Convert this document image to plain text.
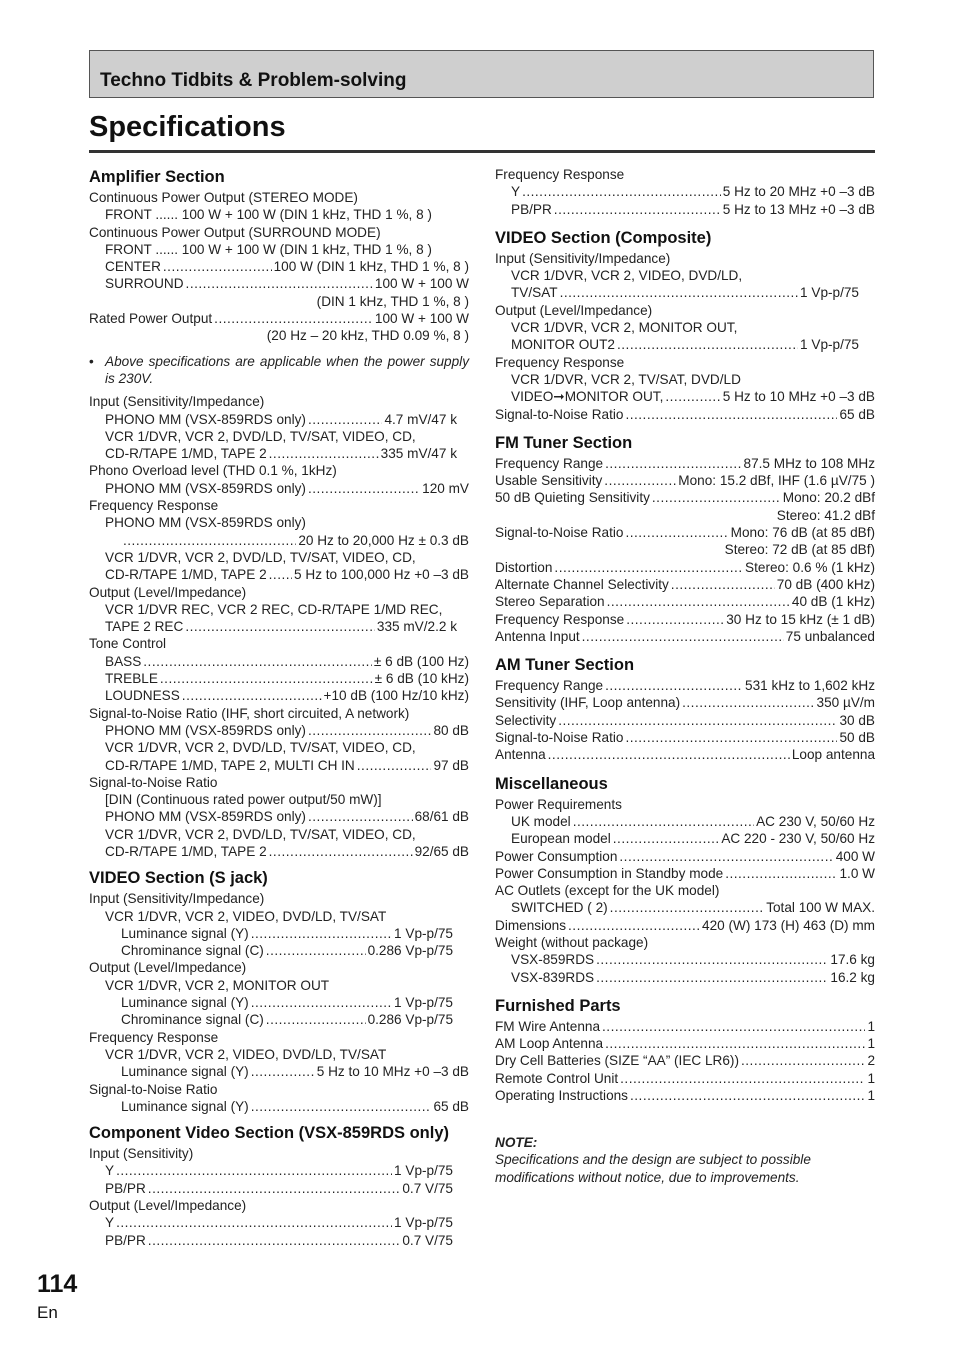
Techno Tidbits & Problem-solving
Specifications
Amplifier Section
Continuous Power Output (STEREO MODE)
FRONT ...... 100 W + 100 W (DIN 1 kHz, THD 1 %, 8 )
Continuous Power Output (SURROUND MODE)
FRONT ...... 100 W + 100 W (DIN 1 kHz, THD 1 %, 8 )
CENTER .....	100 W (DIN 1 kHz, THD 1 %, 8 )
SURROUND .....	100 W + 100 W
(DIN 1 kHz, THD 1 %, 8 )
Rated Power Output .....	100 W + 100 W
(20 Hz – 20 kHz, THD 0.09 %, 8 )
• Above specifications are applicable when the power supply is 230V.
Input (Sensitivity/Impedance)
PHONO MM (VSX-859RDS only) .....	4.7 mV/47 k
VCR 1/DVR, VCR 2, DVD/LD, TV/SAT, VIDEO, CD,
CD-R/TAPE 1/MD, TAPE 2 .....	335 mV/47 k
Phono Overload level (THD 0.1 %, 1kHz)
PHONO MM (VSX-859RDS only) .....	120 mV
Frequency Response
PHONO MM (VSX-859RDS only)
.....
20 Hz to 20,000 Hz ± 0.3 dB
VCR 1/DVR, VCR 2, DVD/LD, TV/SAT, VIDEO, CD,
CD-R/TAPE 1/MD, TAPE 2 ..... 5 Hz to 100,000 Hz +0 –3 dB
Output (Level/Impedance)
VCR 1/DVR REC, VCR 2 REC, CD-R/TAPE 1/MD REC,
TAPE 2 REC .....	335 mV/2.2 k
Tone Control
BASS .....	± 6 dB (100 Hz)
TREBLE .....	± 6 dB (10 kHz)
LOUDNESS .....	+10 dB (100 Hz/10 kHz)
Signal-to-Noise Ratio (IHF, short circuited, A network)
PHONO MM (VSX-859RDS only) .....	80 dB
VCR 1/DVR, VCR 2, DVD/LD, TV/SAT, VIDEO, CD,
CD-R/TAPE 1/MD, TAPE 2, MULTI CH IN .....	97 dB
Signal-to-Noise Ratio
[DIN (Continuous rated power output/50 mW)]
PHONO MM (VSX-859RDS only) .....	68/61 dB
VCR 1/DVR, VCR 2, DVD/LD, TV/SAT, VIDEO, CD,
CD-R/TAPE 1/MD, TAPE 2 .....	92/65 dB
VIDEO Section (S jack)
Input (Sensitivity/Impedance)
VCR 1/DVR, VCR 2, VIDEO, DVD/LD, TV/SAT
Luminance signal (Y) .....	1 Vp-p/75
Chrominance signal (C) .....	0.286 Vp-p/75
Output (Level/Impedance)
VCR 1/DVR, VCR 2, MONITOR OUT
Luminance signal (Y) .....	1 Vp-p/75
Chrominance signal (C) .....	0.286 Vp-p/75
Frequency Response
VCR 1/DVR, VCR 2, VIDEO, DVD/LD, TV/SAT
Luminance signal (Y) .....	5 Hz to 10 MHz +0 –3 dB
Signal-to-Noise Ratio
Luminance signal (Y) .....	65 dB
Component Video Section (VSX-859RDS only)
Input (Sensitivity)
Y .....	1 Vp-p/75
PB/PR .....	0.7 V/75
Output (Level/Impedance)
Y .....	1 Vp-p/75
PB/PR .....	0.7 V/75
Frequency Response
Y .....	5 Hz to 20 MHz +0 –3 dB
PB/PR .....	5 Hz to 13 MHz +0 –3 dB
VIDEO Section (Composite)
Input (Sensitivity/Impedance)
VCR 1/DVR, VCR 2, VIDEO, DVD/LD,
TV/SAT .....	1 Vp-p/75
Output (Level/Impedance)
VCR 1/DVR, VCR 2, MONITOR OUT,
MONITOR OUT2 .....	1 Vp-p/75
Frequency Response
VCR 1/DVR, VCR 2, TV/SAT, DVD/LD
VIDEO➞MONITOR OUT, .....	5 Hz to 10 MHz +0 –3 dB
Signal-to-Noise Ratio .....	65 dB
FM Tuner Section
Frequency Range .....	87.5 MHz to 108 MHz
Usable Sensitivity .....	Mono: 15.2 dBf, IHF (1.6 µV/75 )
50 dB Quieting Sensitivity .....	Mono: 20.2 dBf
Stereo: 41.2 dBf
Signal-to-Noise Ratio .....	Mono: 76 dB (at 85 dBf)
Stereo: 72 dB (at 85 dBf)
Distortion .....	Stereo: 0.6 % (1 kHz)
Alternate Channel Selectivity .....	70 dB (400 kHz)
Stereo Separation .....	40 dB (1 kHz)
Frequency Response .....	30 Hz to 15 kHz (± 1 dB)
Antenna Input .....	75 unbalanced
AM Tuner Section
Frequency Range .....	531 kHz to 1,602 kHz
Sensitivity (IHF, Loop antenna) .....	350 µV/m
Selectivity .....	30 dB
Signal-to-Noise Ratio .....	50 dB
Antenna .....	Loop antenna
Miscellaneous
Power Requirements
UK model .....	AC 230 V, 50/60 Hz
European model .....	AC 220 - 230 V, 50/60 Hz
Power Consumption .....	400 W
Power Consumption in Standby mode .....	1.0 W
AC Outlets (except for the UK model)
SWITCHED ( 2) .....	Total 100 W MAX.
Dimensions .....	420 (W) 173 (H) 463 (D) mm
Weight (without package)
VSX-859RDS .....	17.6 kg
VSX-839RDS .....	16.2 kg
Furnished Parts
FM Wire Antenna .....	1
AM Loop Antenna .....	1
Dry Cell Batteries (SIZE “AA” (IEC LR6)) .....	2
Remote Control Unit .....	1
Operating Instructions .....	1
NOTE:
Specifications and the design are subject to possible modifications without notice, due to improvements.
114
En
